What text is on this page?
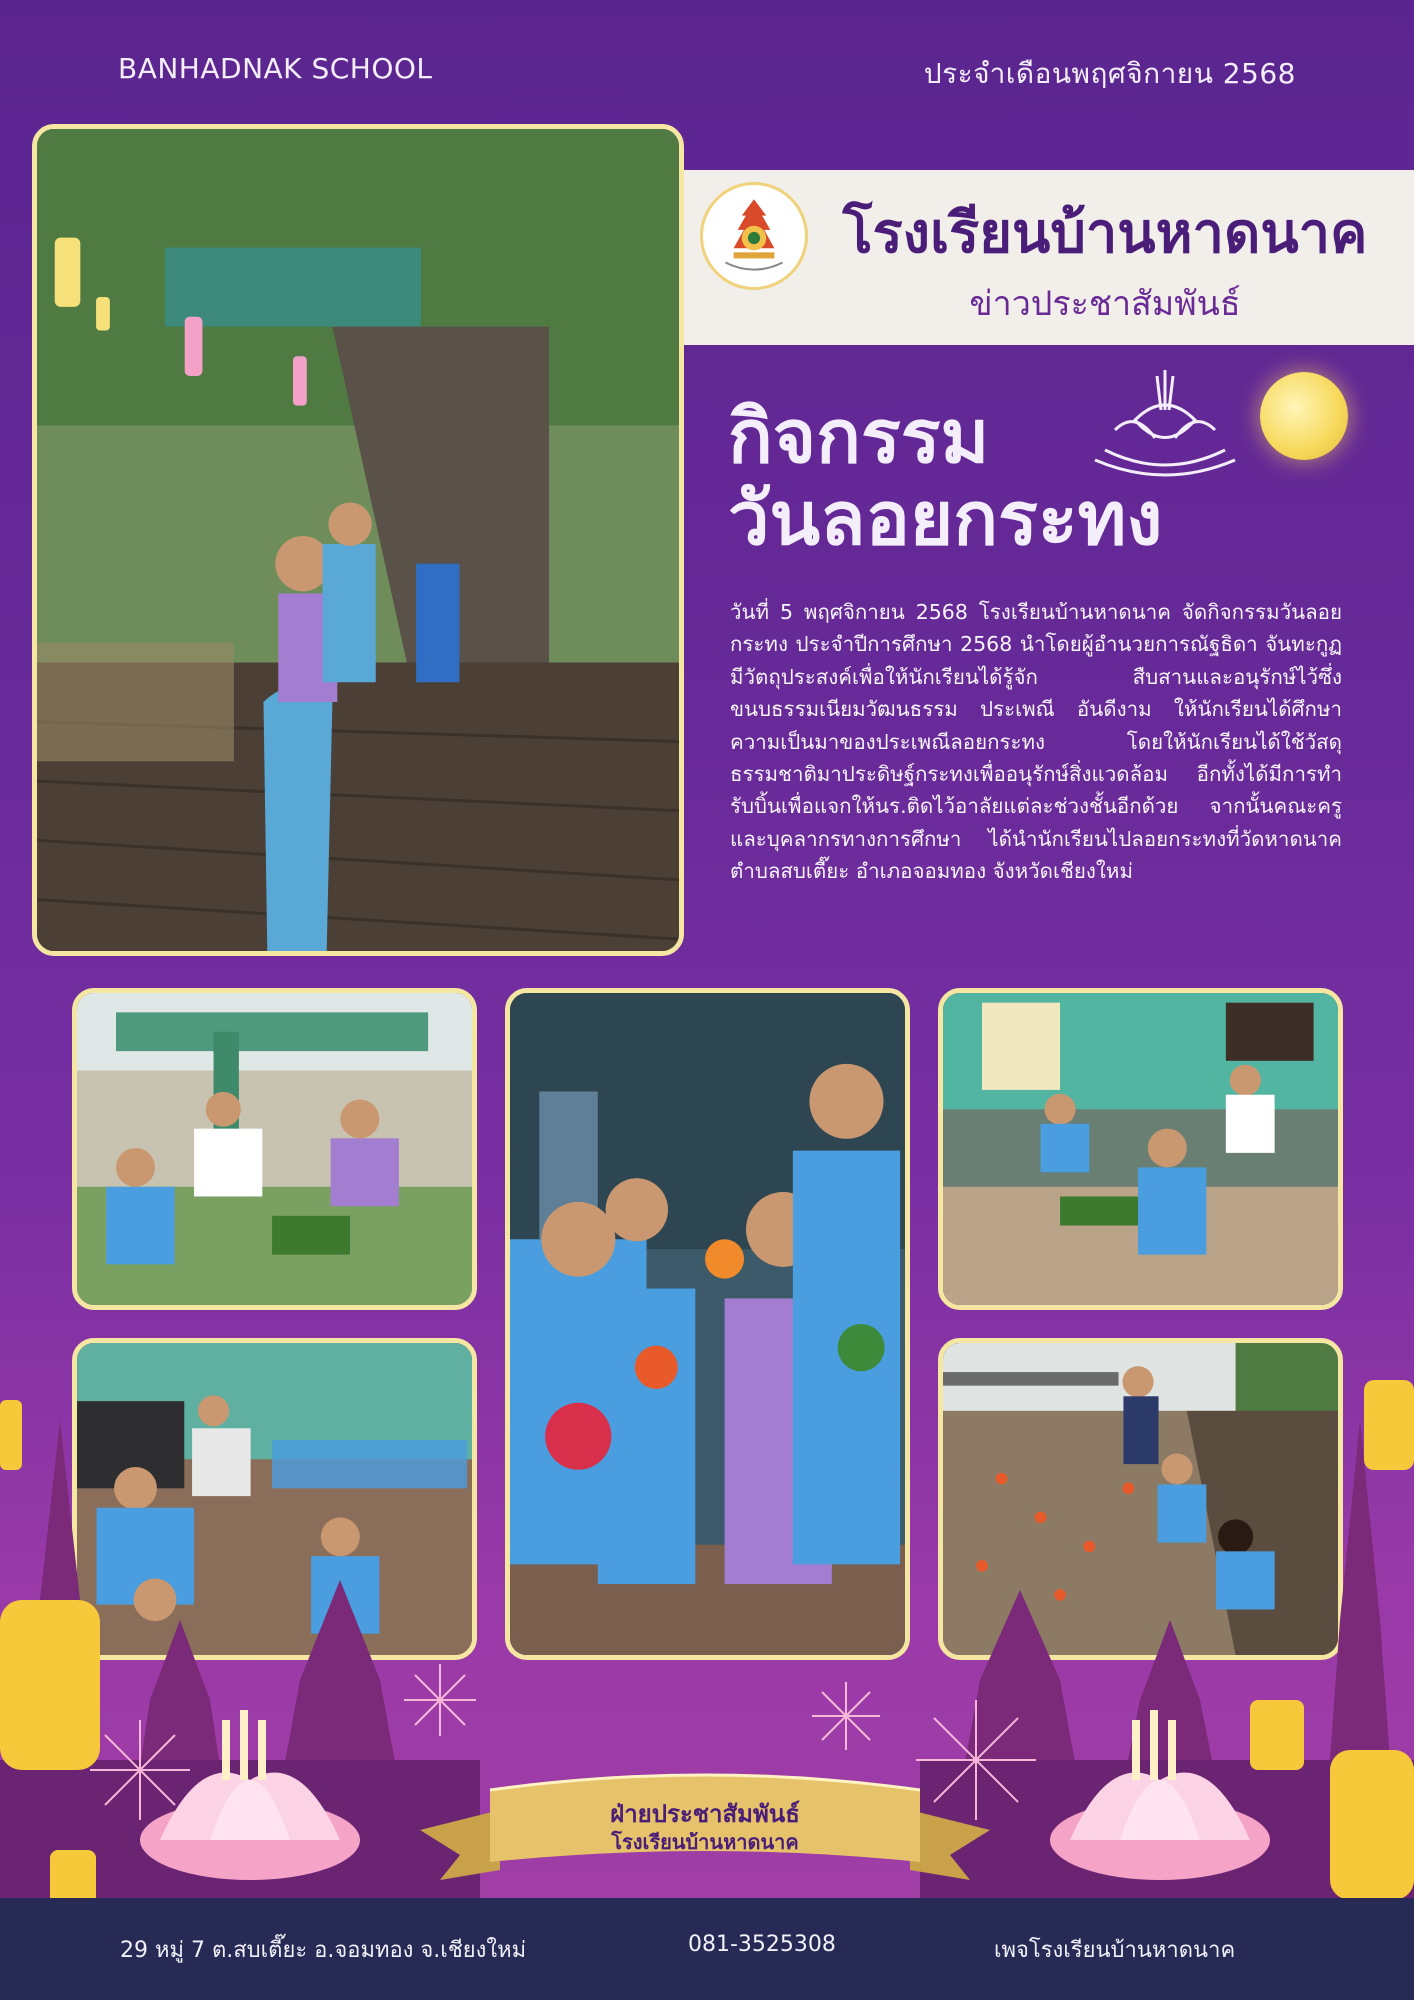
BANHADNAK SCHOOL	ประจำเดือนพฤศจิกายน 2568
โรงเรียนบ้านหาดนาค
ข่าวประชาสัมพันธ์
กิจกรรม
วันลอยกระทง
วันที่ 5 พฤศจิกายน 2568 โรงเรียนบ้านหาดนาค จัดกิจกรรมวันลอยกระทง ประจำปีการศึกษา 2568 นำโดยผู้อำนวยการณัฐธิดา จันทะกูฏ มีวัตถุประสงค์เพื่อให้นักเรียนได้รู้จัก สืบสานและอนุรักษ์ไว้ซึ่งขนบธรรมเนียมวัฒนธรรม ประเพณี อันดีงาม ให้นักเรียนได้ศึกษาความเป็นมาของประเพณีลอยกระทง โดยให้นักเรียนได้ใช้วัสดุธรรมชาติมาประดิษฐ์กระทงเพื่ออนุรักษ์สิ่งแวดล้อม อีกทั้งได้มีการทำรับบิ้นเพื่อแจกให้นร.ติดไว้อาลัยแต่ละช่วงชั้นอีกด้วย จากนั้นคณะครูและบุคลากรทางการศึกษา ได้นำนักเรียนไปลอยกระทงที่วัดหาดนาค ตำบลสบเตี๊ยะ อำเภอจอมทอง จังหวัดเชียงใหม่
ฝ่ายประชาสัมพันธ์
โรงเรียนบ้านหาดนาค
29 หมู่ 7 ต.สบเตี๊ยะ อ.จอมทอง จ.เชียงใหม่	081-3525308	เพจโรงเรียนบ้านหาดนาค
